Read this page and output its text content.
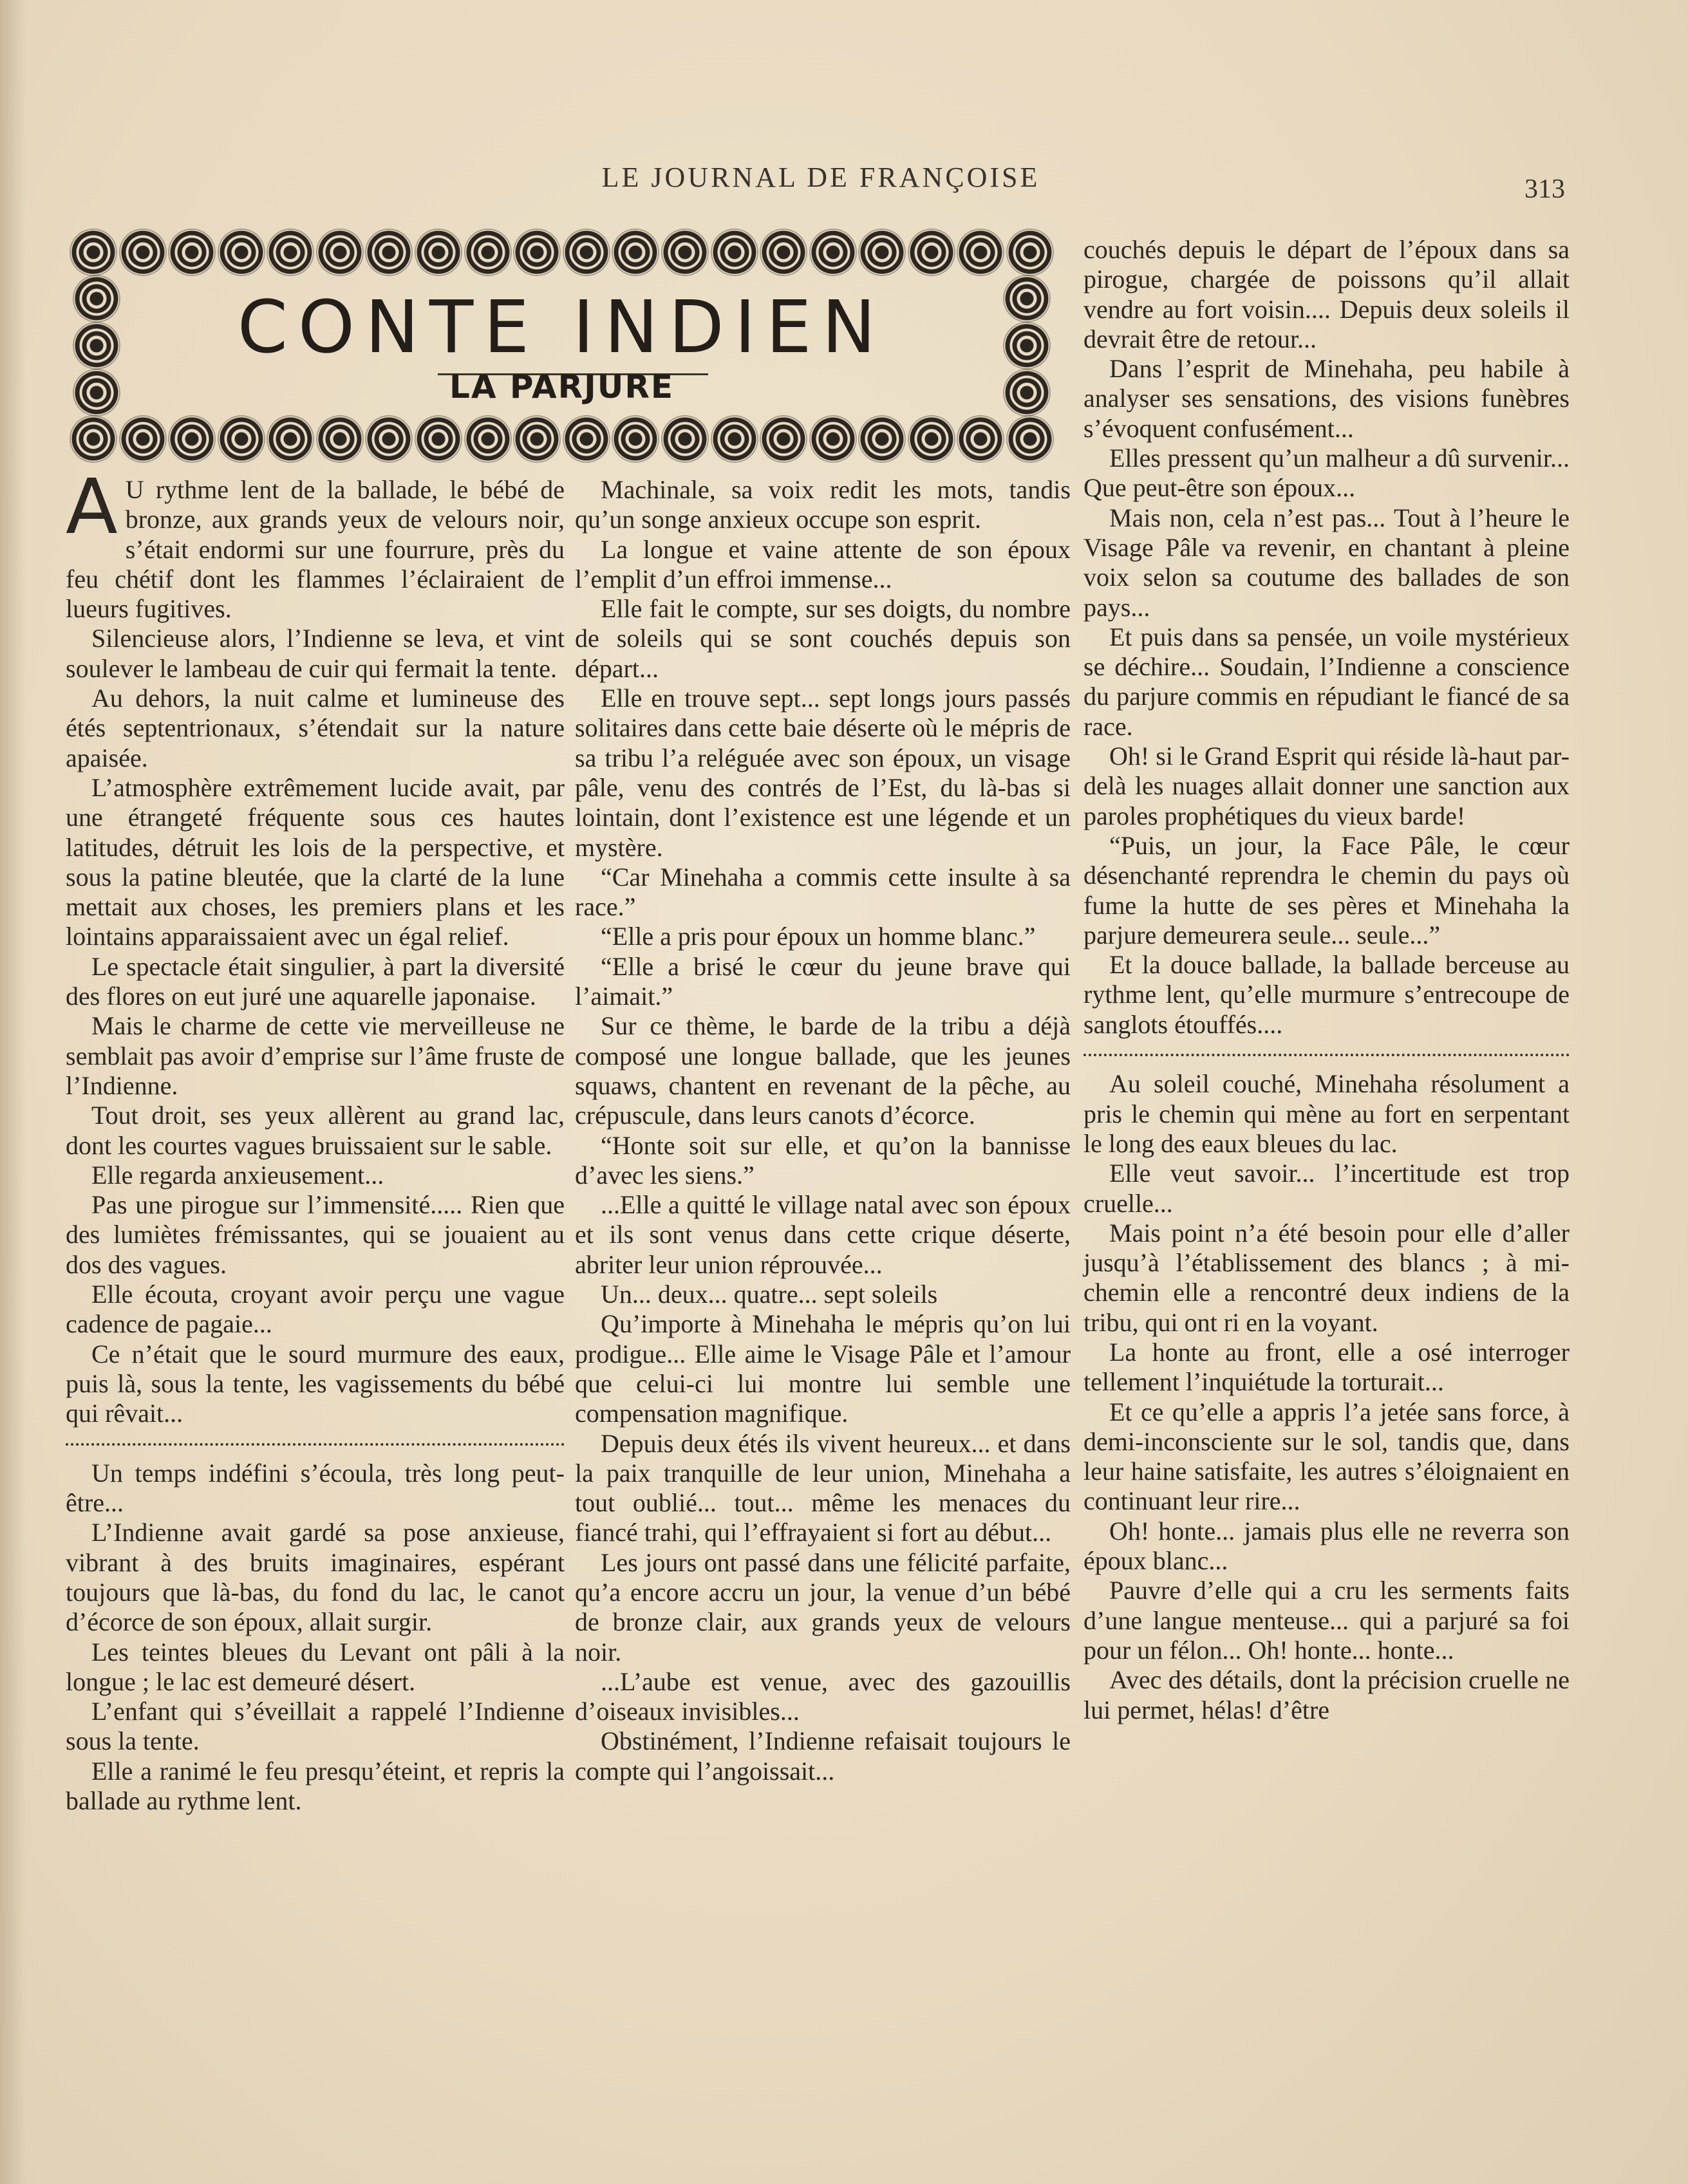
LE JOURNAL DE FRANÇOISE	313
CONTE INDIEN
LA PARJURE

A U rythme lent de la ballade, le bébé de bronze, aux grands yeux de velours noir, s’était endormi sur une fourrure, près du feu chétif dont les flammes l’éclairaient de lueurs fugitives.

Silencieuse alors, l’Indienne se leva, et vint soulever le lambeau de cuir qui fermait la tente.

Au dehors, la nuit calme et lumineuse des étés septentrionaux, s’étendait sur la nature apaisée.

L’atmosphère extrêmement lucide avait, par une étrangeté fréquente sous ces hautes latitudes, détruit les lois de la perspective, et sous la patine bleutée, que la clarté de la lune mettait aux choses, les premiers plans et les lointains apparaissaient avec un égal relief.

Le spectacle était singulier, à part la diversité des flores on eut juré une aquarelle japonaise.

Mais le charme de cette vie merveilleuse ne semblait pas avoir d’emprise sur l’âme fruste de l’Indienne.

Tout droit, ses yeux allèrent au grand lac, dont les courtes vagues bruissaient sur le sable.

Elle regarda anxieusement...

Pas une pirogue sur l’immensité..... Rien que des lumiètes frémissantes, qui se jouaient au dos des vagues.

Elle écouta, croyant avoir perçu une vague cadence de pagaie...

Ce n’était que le sourd murmure des eaux, puis là, sous la tente, les vagissements du bébé qui rêvait...

Un temps indéfini s’écoula, très long peut-être...

L’Indienne avait gardé sa pose anxieuse, vibrant à des bruits imaginaires, espérant toujours que là-bas, du fond du lac, le canot d’écorce de son époux, allait surgir.

Les teintes bleues du Levant ont pâli à la longue ; le lac est demeuré désert.

L’enfant qui s’éveillait a rappelé l’Indienne sous la tente.

Elle a ranimé le feu presqu’éteint, et repris la ballade au rythme lent.

Machinale, sa voix redit les mots, tandis qu’un songe anxieux occupe son esprit.

La longue et vaine attente de son époux l’emplit d’un effroi immense...

Elle fait le compte, sur ses doigts, du nombre de soleils qui se sont couchés depuis son départ...

Elle en trouve sept... sept longs jours passés solitaires dans cette baie déserte où le mépris de sa tribu l’a reléguée avec son époux, un visage pâle, venu des contrés de l’Est, du là-bas si lointain, dont l’existence est une légende et un mystère.

“Car Minehaha a commis cette insulte à sa race.”

“Elle a pris pour époux un homme blanc.”

“Elle a brisé le cœur du jeune brave qui l’aimait.”

Sur ce thème, le barde de la tribu a déjà composé une longue ballade, que les jeunes squaws, chantent en revenant de la pêche, au crépuscule, dans leurs canots d’écorce.

“Honte soit sur elle, et qu’on la bannisse d’avec les siens.”

...Elle a quitté le village natal avec son époux et ils sont venus dans cette crique déserte, abriter leur union réprouvée...

Un... deux... quatre... sept soleils

Qu’importe à Minehaha le mépris qu’on lui prodigue... Elle aime le Visage Pâle et l’amour que celui-ci lui montre lui semble une compensation magnifique.

Depuis deux étés ils vivent heureux... et dans la paix tranquille de leur union, Minehaha a tout oublié... tout... même les menaces du fiancé trahi, qui l’effrayaient si fort au début...

Les jours ont passé dans une félicité parfaite, qu’a encore accru un jour, la venue d’un bébé de bronze clair, aux grands yeux de velours noir.

...L’aube est venue, avec des gazouillis d’oiseaux invisibles...

Obstinément, l’Indienne refaisait toujours le compte qui l’angoissait...

couchés depuis le départ de l’époux dans sa pirogue, chargée de poissons qu’il allait vendre au fort voisin.... Depuis deux soleils il devrait être de retour...

Dans l’esprit de Minehaha, peu habile à analyser ses sensations, des visions funèbres s’évoquent confusément...

Elles pressent qu’un malheur a dû survenir... Que peut-être son époux...

Mais non, cela n’est pas... Tout à l’heure le Visage Pâle va revenir, en chantant à pleine voix selon sa coutume des ballades de son pays...

Et puis dans sa pensée, un voile mystérieux se déchire... Soudain, l’Indienne a conscience du parjure commis en répudiant le fiancé de sa race.

Oh! si le Grand Esprit qui réside là-haut par-delà les nuages allait donner une sanction aux paroles prophétiques du vieux barde!

“Puis, un jour, la Face Pâle, le cœur désenchanté reprendra le chemin du pays où fume la hutte de ses pères et Minehaha la parjure demeurera seule... seule...”

Et la douce ballade, la ballade berceuse au rythme lent, qu’elle murmure s’entrecoupe de sanglots étouffés....

Au soleil couché, Minehaha résolument a pris le chemin qui mène au fort en serpentant le long des eaux bleues du lac.

Elle veut savoir... l’incertitude est trop cruelle...

Mais point n’a été besoin pour elle d’aller jusqu’à l’établissement des blancs ; à mi-chemin elle a rencontré deux indiens de la tribu, qui ont ri en la voyant.

La honte au front, elle a osé interroger tellement l’inquiétude la torturait...

Et ce qu’elle a appris l’a jetée sans force, à demi-inconsciente sur le sol, tandis que, dans leur haine satisfaite, les autres s’éloignaient en continuant leur rire...

Oh! honte... jamais plus elle ne reverra son époux blanc...

Pauvre d’elle qui a cru les serments faits d’une langue menteuse... qui a parjuré sa foi pour un félon... Oh! honte... honte...

Avec des détails, dont la précision cruelle ne lui permet, hélas! d’être
